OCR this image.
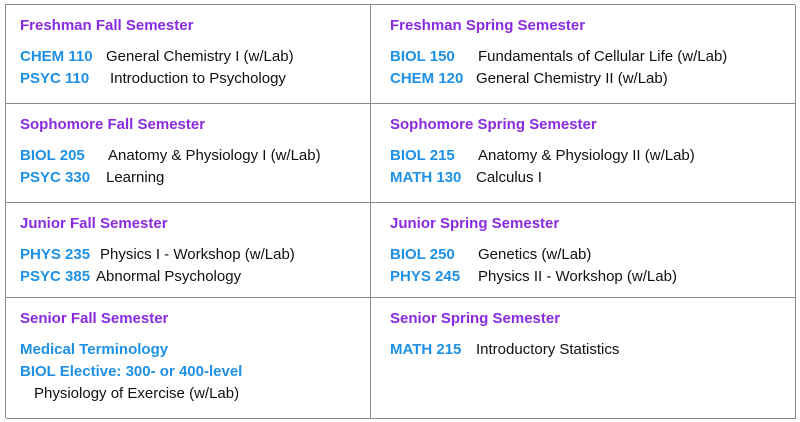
Freshman Fall Semester
CHEM 110 General Chemistry I (w/Lab)
PSYC 110 Introduction to Psychology
Freshman Spring Semester
BIOL 150 Fundamentals of Cellular Life (w/Lab)
CHEM 120 General Chemistry II (w/Lab)
Sophomore Fall Semester
BIOL 205 Anatomy & Physiology I (w/Lab)
PSYC 330 Learning
Sophomore Spring Semester
BIOL 215 Anatomy & Physiology II (w/Lab)
MATH 130 Calculus I
Junior Fall Semester
PHYS 235 Physics I - Workshop (w/Lab)
PSYC 385 Abnormal Psychology
Junior Spring Semester
BIOL 250 Genetics (w/Lab)
PHYS 245 Physics II - Workshop (w/Lab)
Senior Fall Semester
Medical Terminology
BIOL Elective: 300- or 400-level
Physiology of Exercise (w/Lab)
Senior Spring Semester
MATH 215 Introductory Statistics
